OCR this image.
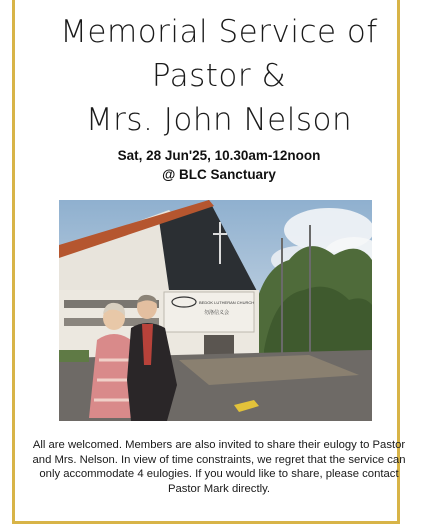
Memorial Service of
Pastor &
Mrs. John Nelson
Sat, 28 Jun'25, 10.30am-12noon
@ BLC Sanctuary
BEDOK LUTHERAN CHURCH
勿洛信义会
All are welcomed. Members are also invited to share their eulogy to Pastor and Mrs. Nelson. In view of time constraints, we regret that the service can only accommodate 4 eulogies. If you would like to share, please contact Pastor Mark directly.
